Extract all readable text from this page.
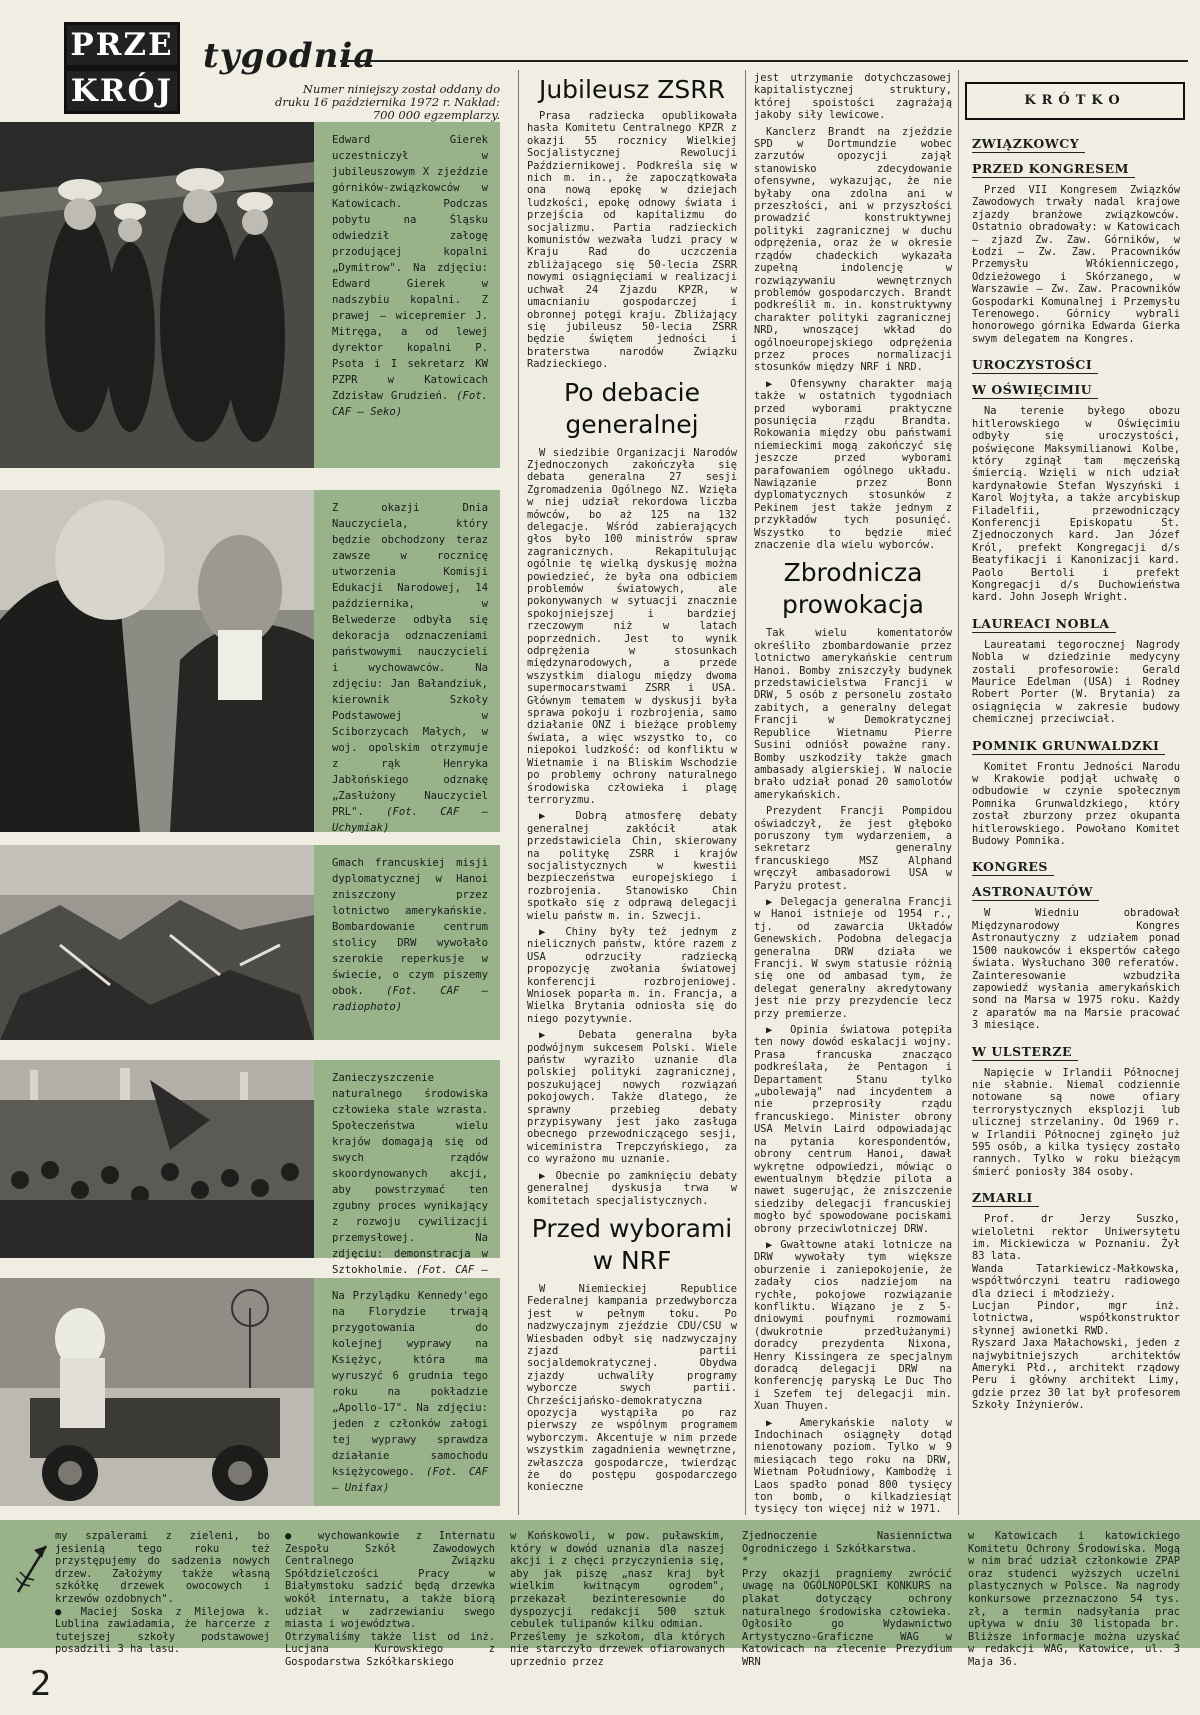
PRZE
KRÓJ
tygodnia
Numer niniejszy został oddany do druku 16 października 1972 r. Nakład: 700 000 egzemplarzy.
Edward Gierek uczestniczył w jubileuszowym X zjeździe górników-związkowców w Katowicach. Podczas pobytu na Śląsku odwiedził załogę przodującej kopalni „Dymitrow". Na zdjęciu: Edward Gierek w nadszybiu kopalni. Z prawej — wicepremier J. Mitręga, a od lewej dyrektor kopalni P. Psota i I sekretarz KW PZPR w Katowicach Zdzisław Grudzień. (Fot. CAF — Seko)
Z okazji Dnia Nauczyciela, który będzie obchodzony teraz zawsze w rocznicę utworzenia Komisji Edukacji Narodowej, 14 października, w Belwederze odbyła się dekoracja odznaczeniami państwowymi nauczycieli i wychowawców. Na zdjęciu: Jan Bałandziuk, kierownik Szkoły Podstawowej w Sciborzycach Małych, w woj. opolskim otrzymuje z rąk Henryka Jabłońskiego odznakę „Zasłużony Nauczyciel PRL". (Fot. CAF — Uchymiak)
Gmach francuskiej misji dyplomatycznej w Hanoi zniszczony przez lotnictwo amerykańskie. Bombardowanie centrum stolicy DRW wywołało szerokie reperkusje w świecie, o czym piszemy obok. (Fot. CAF — radiophoto)
Zanieczyszczenie naturalnego środowiska człowieka stale wzrasta. Społeczeństwa wielu krajów domagają się od swych rządów skoordynowanych akcji, aby powstrzymać ten zgubny proces wynikający z rozwoju cywilizacji przemysłowej. Na zdjęciu: demonstracja w Sztokholmie. (Fot. CAF —
Na Przylądku Kennedy'ego na Florydzie trwają przygotowania do kolejnej wyprawy na Księżyc, która ma wyruszyć 6 grudnia tego roku na pokładzie „Apollo-17". Na zdjęciu: jeden z członków załogi tej wyprawy sprawdza działanie samochodu księżycowego. (Fot. CAF — Unifax)
Jubileusz ZSRR

Prasa radziecka opublikowała hasła Komitetu Centralnego KPZR z okazji 55 rocznicy Wielkiej Socjalistycznej Rewolucji Październikowej. Podkreśla się w nich m. in., że zapoczątkowała ona nową epokę w dziejach ludzkości, epokę odnowy świata i przejścia od kapitalizmu do socjalizmu. Partia radzieckich komunistów wezwała ludzi pracy w Kraju Rad do uczczenia zbliżającego się 50-lecia ZSRR nowymi osiągnięciami w realizacji uchwał 24 Zjazdu KPZR, w umacnianiu gospodarczej i obronnej potęgi kraju. Zbliżający się jubileusz 50-lecia ZSRR będzie świętem jedności i braterstwa narodów Związku Radzieckiego.

Po debacie
generalnej

W siedzibie Organizacji Narodów Zjednoczonych zakończyła się debata generalna 27 sesji Zgromadzenia Ogólnego NZ. Wzięła w niej udział rekordowa liczba mówców, bo aż 125 na 132 delegacje. Wśród zabierających głos było 100 ministrów spraw zagranicznych. Rekapitulując ogólnie tę wielką dyskusję można powiedzieć, że była ona odbiciem problemów światowych, ale pokonywanych w sytuacji znacznie spokojniejszej i bardziej rzeczowym niż w latach poprzednich. Jest to wynik odprężenia w stosunkach międzynarodowych, a przede wszystkim dialogu między dwoma supermocarstwami ZSRR i USA. Głównym tematem w dyskusji była sprawa pokoju i rozbrojenia, samo działanie ONZ i bieżące problemy świata, a więc wszystko to, co niepokoi ludzkość: od konfliktu w Wietnamie i na Bliskim Wschodzie po problemy ochrony naturalnego środowiska człowieka i plagę terroryzmu.

▶ Dobrą atmosferę debaty generalnej zakłócił atak przedstawiciela Chin, skierowany na politykę ZSRR i krajów socjalistycznych w kwestii bezpieczeństwa europejskiego i rozbrojenia. Stanowisko Chin spotkało się z odprawą delegacji wielu państw m. in. Szwecji.

▶ Chiny były też jednym z nielicznych państw, które razem z USA odrzuciły radziecką propozycję zwołania światowej konferencji rozbrojeniowej. Wniosek poparła m. in. Francja, a Wielka Brytania odniosła się do niego pozytywnie.

▶ Debata generalna była podwójnym sukcesem Polski. Wiele państw wyraziło uznanie dla polskiej polityki zagranicznej, poszukującej nowych rozwiązań pokojowych. Także dlatego, że sprawny przebieg debaty przypisywany jest jako zasługa obecnego przewodniczącego sesji, wiceministra Trepczyńskiego, za co wyrażono mu uznanie.

▶ Obecnie po zamknięciu debaty generalnej dyskusja trwa w komitetach specjalistycznych.

Przed wyborami
w NRF

W Niemieckiej Republice Federalnej kampania przedwyborcza jest w pełnym toku. Po nadzwyczajnym zjeździe CDU/CSU w Wiesbaden odbył się nadzwyczajny zjazd partii socjaldemokratycznej. Obydwa zjazdy uchwaliły programy wyborcze swych partii. Chrześcijańsko-demokratyczna opozycja wystąpiła po raz pierwszy ze wspólnym programem wyborczym. Akcentuje w nim przede wszystkim zagadnienia wewnętrzne, zwłaszcza gospodarcze, twierdząc że do postępu gospodarczego konieczne

jest utrzymanie dotychczasowej kapitalistycznej struktury, której spoistości zagrażają jakoby siły lewicowe.

Kanclerz Brandt na zjeździe SPD w Dortmundzie wobec zarzutów opozycji zajął stanowisko zdecydowanie ofensywne, wykazując, że nie byłaby ona zdolna ani w przeszłości, ani w przyszłości prowadzić konstruktywnej polityki zagranicznej w duchu odprężenia, oraz że w okresie rządów chadeckich wykazała zupełną indolencję w rozwiązywaniu wewnętrznych problemów gospodarczych. Brandt podkreślił m. in. konstruktywny charakter polityki zagranicznej NRD, wnoszącej wkład do ogólnoeuropejskiego odprężenia przez proces normalizacji stosunków między NRF i NRD.

▶ Ofensywny charakter mają także w ostatnich tygodniach przed wyborami praktyczne posunięcia rządu Brandta. Rokowania między obu państwami niemieckimi mogą zakończyć się jeszcze przed wyborami parafowaniem ogólnego układu. Nawiązanie przez Bonn dyplomatycznych stosunków z Pekinem jest także jednym z przykładów tych posunięć. Wszystko to będzie mieć znaczenie dla wielu wyborców.

Zbrodnicza
prowokacja

Tak wielu komentatorów określiło zbombardowanie przez lotnictwo amerykańskie centrum Hanoi. Bomby zniszczyły budynek przedstawicielstwa Francji w DRW, 5 osób z personelu zostało zabitych, a generalny delegat Francji w Demokratycznej Republice Wietnamu Pierre Susini odniósł poważne rany. Bomby uszkodziły także gmach ambasady algierskiej. W nalocie brało udział ponad 20 samolotów amerykańskich.

Prezydent Francji Pompidou oświadczył, że jest głęboko poruszony tym wydarzeniem, a sekretarz generalny francuskiego MSZ Alphand wręczył ambasadorowi USA w Paryżu protest.

▶ Delegacja generalna Francji w Hanoi istnieje od 1954 r., tj. od zawarcia Układów Genewskich. Podobna delegacja generalna DRW działa we Francji. W swym statusie różnią się one od ambasad tym, że delegat generalny akredytowany jest nie przy prezydencie lecz przy premierze.

▶ Opinia światowa potępiła ten nowy dowód eskalacji wojny. Prasa francuska znacząco podkreślała, że Pentagon i Departament Stanu tylko „ubolewają" nad incydentem a nie przeprosiły rządu francuskiego. Minister obrony USA Melvin Laird odpowiadając na pytania korespondentów, obrony centrum Hanoi, dawał wykrętne odpowiedzi, mówiąc o ewentualnym błędzie pilota a nawet sugerując, że zniszczenie siedziby delegacji francuskiej mogło być spowodowane pociskami obrony przeciwlotniczej DRW.

▶ Gwałtowne ataki lotnicze na DRW wywołały tym większe oburzenie i zaniepokojenie, że zadały cios nadziejom na rychłe, pokojowe rozwiązanie konfliktu. Wiązano je z 5-dniowymi poufnymi rozmowami (dwukrotnie przedłużanymi) doradcy prezydenta Nixona, Henry Kissingera ze specjalnym doradcą delegacji DRW na konferencję paryską Le Duc Tho i Szefem tej delegacji min. Xuan Thuyen.

▶ Amerykańskie naloty w Indochinach osiągnęły dotąd nienotowany poziom. Tylko w 9 miesiącach tego roku na DRW, Wietnam Południowy, Kambodżę i Laos spadło ponad 800 tysięcy ton bomb, o kilkadziesiąt tysięcy ton więcej niż w 1971.

KRÓTKO
ZWIĄZKOWCY
PRZED KONGRESEM

Przed VII Kongresem Związków Zawodowych trwały nadal krajowe zjazdy branżowe związkowców. Ostatnio obradowały: w Katowicach — zjazd Zw. Zaw. Górników, w Łodzi — Zw. Zaw. Pracowników Przemysłu Włókienniczego, Odzieżowego i Skórzanego, w Warszawie — Zw. Zaw. Pracowników Gospodarki Komunalnej i Przemysłu Terenowego. Górnicy wybrali honorowego górnika Edwarda Gierka swym delegatem na Kongres.

UROCZYSTOŚCI
W OŚWIĘCIMIU

Na terenie byłego obozu hitlerowskiego w Oświęcimiu odbyły się uroczystości, poświęcone Maksymilianowi Kolbe, który zginął tam męczeńską śmiercią. Wzięli w nich udział kardynałowie Stefan Wyszyński i Karol Wojtyła, a także arcybiskup Filadelfii, przewodniczący Konferencji Episkopatu St. Zjednoczonych kard. Jan Józef Król, prefekt Kongregacji d/s Beatyfikacji i Kanonizacji kard. Paolo Bertoli i prefekt Kongregacji d/s Duchowieństwa kard. John Joseph Wright.

LAUREACI NOBLA

Laureatami tegorocznej Nagrody Nobla w dziedzinie medycyny zostali profesorowie: Gerald Maurice Edelman (USA) i Rodney Robert Porter (W. Brytania) za osiągnięcia w zakresie budowy chemicznej przeciwciał.

POMNIK GRUNWALDZKI

Komitet Frontu Jedności Narodu w Krakowie podjął uchwałę o odbudowie w czynie społecznym Pomnika Grunwaldzkiego, który został zburzony przez okupanta hitlerowskiego. Powołano Komitet Budowy Pomnika.

KONGRES
ASTRONAUTÓW

W Wiedniu obradował Międzynarodowy Kongres Astronautyczny z udziałem ponad 1500 naukowców i ekspertów całego świata. Wysłuchano 300 referatów. Zainteresowanie wzbudziła zapowiedź wysłania amerykańskich sond na Marsa w 1975 roku. Każdy z aparatów ma na Marsie pracować 3 miesiące.

W ULSTERZE

Napięcie w Irlandii Północnej nie słabnie. Niemal codziennie notowane są nowe ofiary terrorystycznych eksplozji lub ulicznej strzelaniny. Od 1969 r. w Irlandii Północnej zginęło już 595 osób, a kilka tysięcy zostało rannych. Tylko w roku bieżącym śmierć poniosły 384 osoby.

ZMARLI

Prof. dr Jerzy Suszko, wieloletni rektor Uniwersytetu im. Mickiewicza w Poznaniu. Żył 83 lata.
Wanda Tatarkiewicz-Małkowska, współtwórczyni teatru radiowego dla dzieci i młodzieży.
Lucjan Pindor, mgr inż. lotnictwa, współkonstruktor słynnej awionetki RWD.
Ryszard Jaxa Małachowski, jeden z najwybitniejszych architektów Ameryki Płd., architekt rządowy Peru i główny architekt Limy, gdzie przez 30 lat był profesorem Szkoły Inżynierów.

my szpalerami z zieleni, bo jesienią tego roku też przystępujemy do sadzenia nowych drzew. Założymy także własną szkółkę drzewek owocowych i krzewów ozdobnych".
● Maciej Soska z Milejowa k. Lublina zawiadamia, że harcerze z tutejszej szkoły podstawowej posadzili 3 ha lasu.
● wychowankowie z Internatu Zespołu Szkół Zawodowych Centralnego Związku Spółdzielczości Pracy w Białymstoku sadzić będą drzewka wokół internatu, a także biorą udział w zadrzewianiu swego miasta i województwa.
Otrzymaliśmy także list od inż. Lucjana Kurowskiego z Gospodarstwa Szkółkarskiego
w Końskowoli, w pow. puławskim, który w dowód uznania dla naszej akcji i z chęci przyczynienia się, aby jak piszę „nasz kraj był wielkim kwitnącym ogrodem", przekazał bezinteresownie do dyspozycji redakcji 500 sztuk cebulek tulipanów kilku odmian.
Prześlemy je szkołom, dla których nie starczyło drzewek ofiarowanych uprzednio przez
Zjednoczenie Nasiennictwa Ogrodniczego i Szkółkarstwa.
*
Przy okazji pragniemy zwrócić uwagę na OGÓLNOPOLSKI KONKURS na plakat dotyczący ochrony naturalnego środowiska człowieka. Ogłosiło go Wydawnictwo Artystyczno-Graficzne WAG w Katowicach na zlecenie Prezydium WRN
w Katowicach i katowickiego Komitetu Ochrony Środowiska. Mogą w nim brać udział członkowie ZPAP oraz studenci wyższych uczelni plastycznych w Polsce. Na nagrody konkursowe przeznaczono 54 tys. zł, a termin nadsyłania prac upływa w dniu 30 listopada br. Bliższe informacje można uzyskać w redakcji WAG, Katowice, ul. 3 Maja 36.
2
